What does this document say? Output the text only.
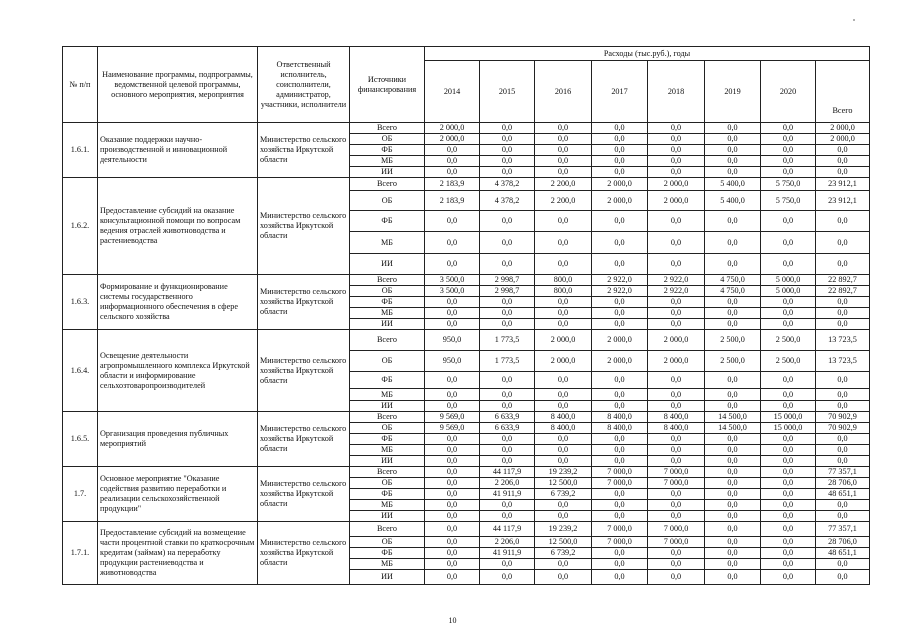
№ п/п	Наименование программы, подпрограммы, ведомственной целевой программы, основного мероприятия, мероприятия	Ответственный исполнитель, соисполнители, администратор, участники, исполнители	Источники финансирования	Расходы (тыс.руб.), годы							
				2014	2015	2016	2017	2018	2019	2020	Всего
1.6.1.	Оказание поддержки научно-производственной и инновационной деятельности	Министерство сельского хозяйства Иркутской области	Всего	2 000,0	0,0	0,0	0,0	0,0	0,0	0,0	2 000,0
			ОБ	2 000,0	0,0	0,0	0,0	0,0	0,0	0,0	2 000,0
			ФБ	0,0	0,0	0,0	0,0	0,0	0,0	0,0	0,0
			МБ	0,0	0,0	0,0	0,0	0,0	0,0	0,0	0,0
			ИИ	0,0	0,0	0,0	0,0	0,0	0,0	0,0	0,0
1.6.2.	Предоставление субсидий на оказание консультационной помощи по вопросам ведения отраслей животноводства и растениеводства	Министерство сельского хозяйства Иркутской области	Всего	2 183,9	4 378,2	2 200,0	2 000,0	2 000,0	5 400,0	5 750,0	23 912,1
			ОБ	2 183,9	4 378,2	2 200,0	2 000,0	2 000,0	5 400,0	5 750,0	23 912,1
			ФБ	0,0	0,0	0,0	0,0	0,0	0,0	0,0	0,0
			МБ	0,0	0,0	0,0	0,0	0,0	0,0	0,0	0,0
			ИИ	0,0	0,0	0,0	0,0	0,0	0,0	0,0	0,0
1.6.3.	Формирование и функционирование системы государственного информационного обеспечения в сфере сельского хозяйства	Министерство сельского хозяйства Иркутской области	Всего	3 500,0	2 998,7	800,0	2 922,0	2 922,0	4 750,0	5 000,0	22 892,7
			ОБ	3 500,0	2 998,7	800,0	2 922,0	2 922,0	4 750,0	5 000,0	22 892,7
			ФБ	0,0	0,0	0,0	0,0	0,0	0,0	0,0	0,0
			МБ	0,0	0,0	0,0	0,0	0,0	0,0	0,0	0,0
			ИИ	0,0	0,0	0,0	0,0	0,0	0,0	0,0	0,0
1.6.4.	Освещение деятельности агропромышленного комплекса Иркутской области и информирование сельхозтоваропроизводителей	Министерство сельского хозяйства Иркутской области	Всего	950,0	1 773,5	2 000,0	2 000,0	2 000,0	2 500,0	2 500,0	13 723,5
			ОБ	950,0	1 773,5	2 000,0	2 000,0	2 000,0	2 500,0	2 500,0	13 723,5
			ФБ	0,0	0,0	0,0	0,0	0,0	0,0	0,0	0,0
			МБ	0,0	0,0	0,0	0,0	0,0	0,0	0,0	0,0
			ИИ	0,0	0,0	0,0	0,0	0,0	0,0	0,0	0,0
1.6.5.	Организация проведения публичных мероприятий	Министерство сельского хозяйства Иркутской области	Всего	9 569,0	6 633,9	8 400,0	8 400,0	8 400,0	14 500,0	15 000,0	70 902,9
			ОБ	9 569,0	6 633,9	8 400,0	8 400,0	8 400,0	14 500,0	15 000,0	70 902,9
			ФБ	0,0	0,0	0,0	0,0	0,0	0,0	0,0	0,0
			МБ	0,0	0,0	0,0	0,0	0,0	0,0	0,0	0,0
			ИИ	0,0	0,0	0,0	0,0	0,0	0,0	0,0	0,0
1.7.	Основное мероприятие "Оказание содействия развитию переработки и реализации сельскохозяйственной продукции"	Министерство сельского хозяйства Иркутской области	Всего	0,0	44 117,9	19 239,2	7 000,0	7 000,0	0,0	0,0	77 357,1
			ОБ	0,0	2 206,0	12 500,0	7 000,0	7 000,0	0,0	0,0	28 706,0
			ФБ	0,0	41 911,9	6 739,2	0,0	0,0	0,0	0,0	48 651,1
			МБ	0,0	0,0	0,0	0,0	0,0	0,0	0,0	0,0
			ИИ	0,0	0,0	0,0	0,0	0,0	0,0	0,0	0,0
1.7.1.	Предоставление субсидий на возмещение части процентной ставки по краткосрочным кредитам (займам) на переработку продукции растениеводства и животноводства	Министерство сельского хозяйства Иркутской области	Всего	0,0	44 117,9	19 239,2	7 000,0	7 000,0	0,0	0,0	77 357,1
			ОБ	0,0	2 206,0	12 500,0	7 000,0	7 000,0	0,0	0,0	28 706,0
			ФБ	0,0	41 911,9	6 739,2	0,0	0,0	0,0	0,0	48 651,1
			МБ	0,0	0,0	0,0	0,0	0,0	0,0	0,0	0,0
			ИИ	0,0	0,0	0,0	0,0	0,0	0,0	0,0	0,0
10
